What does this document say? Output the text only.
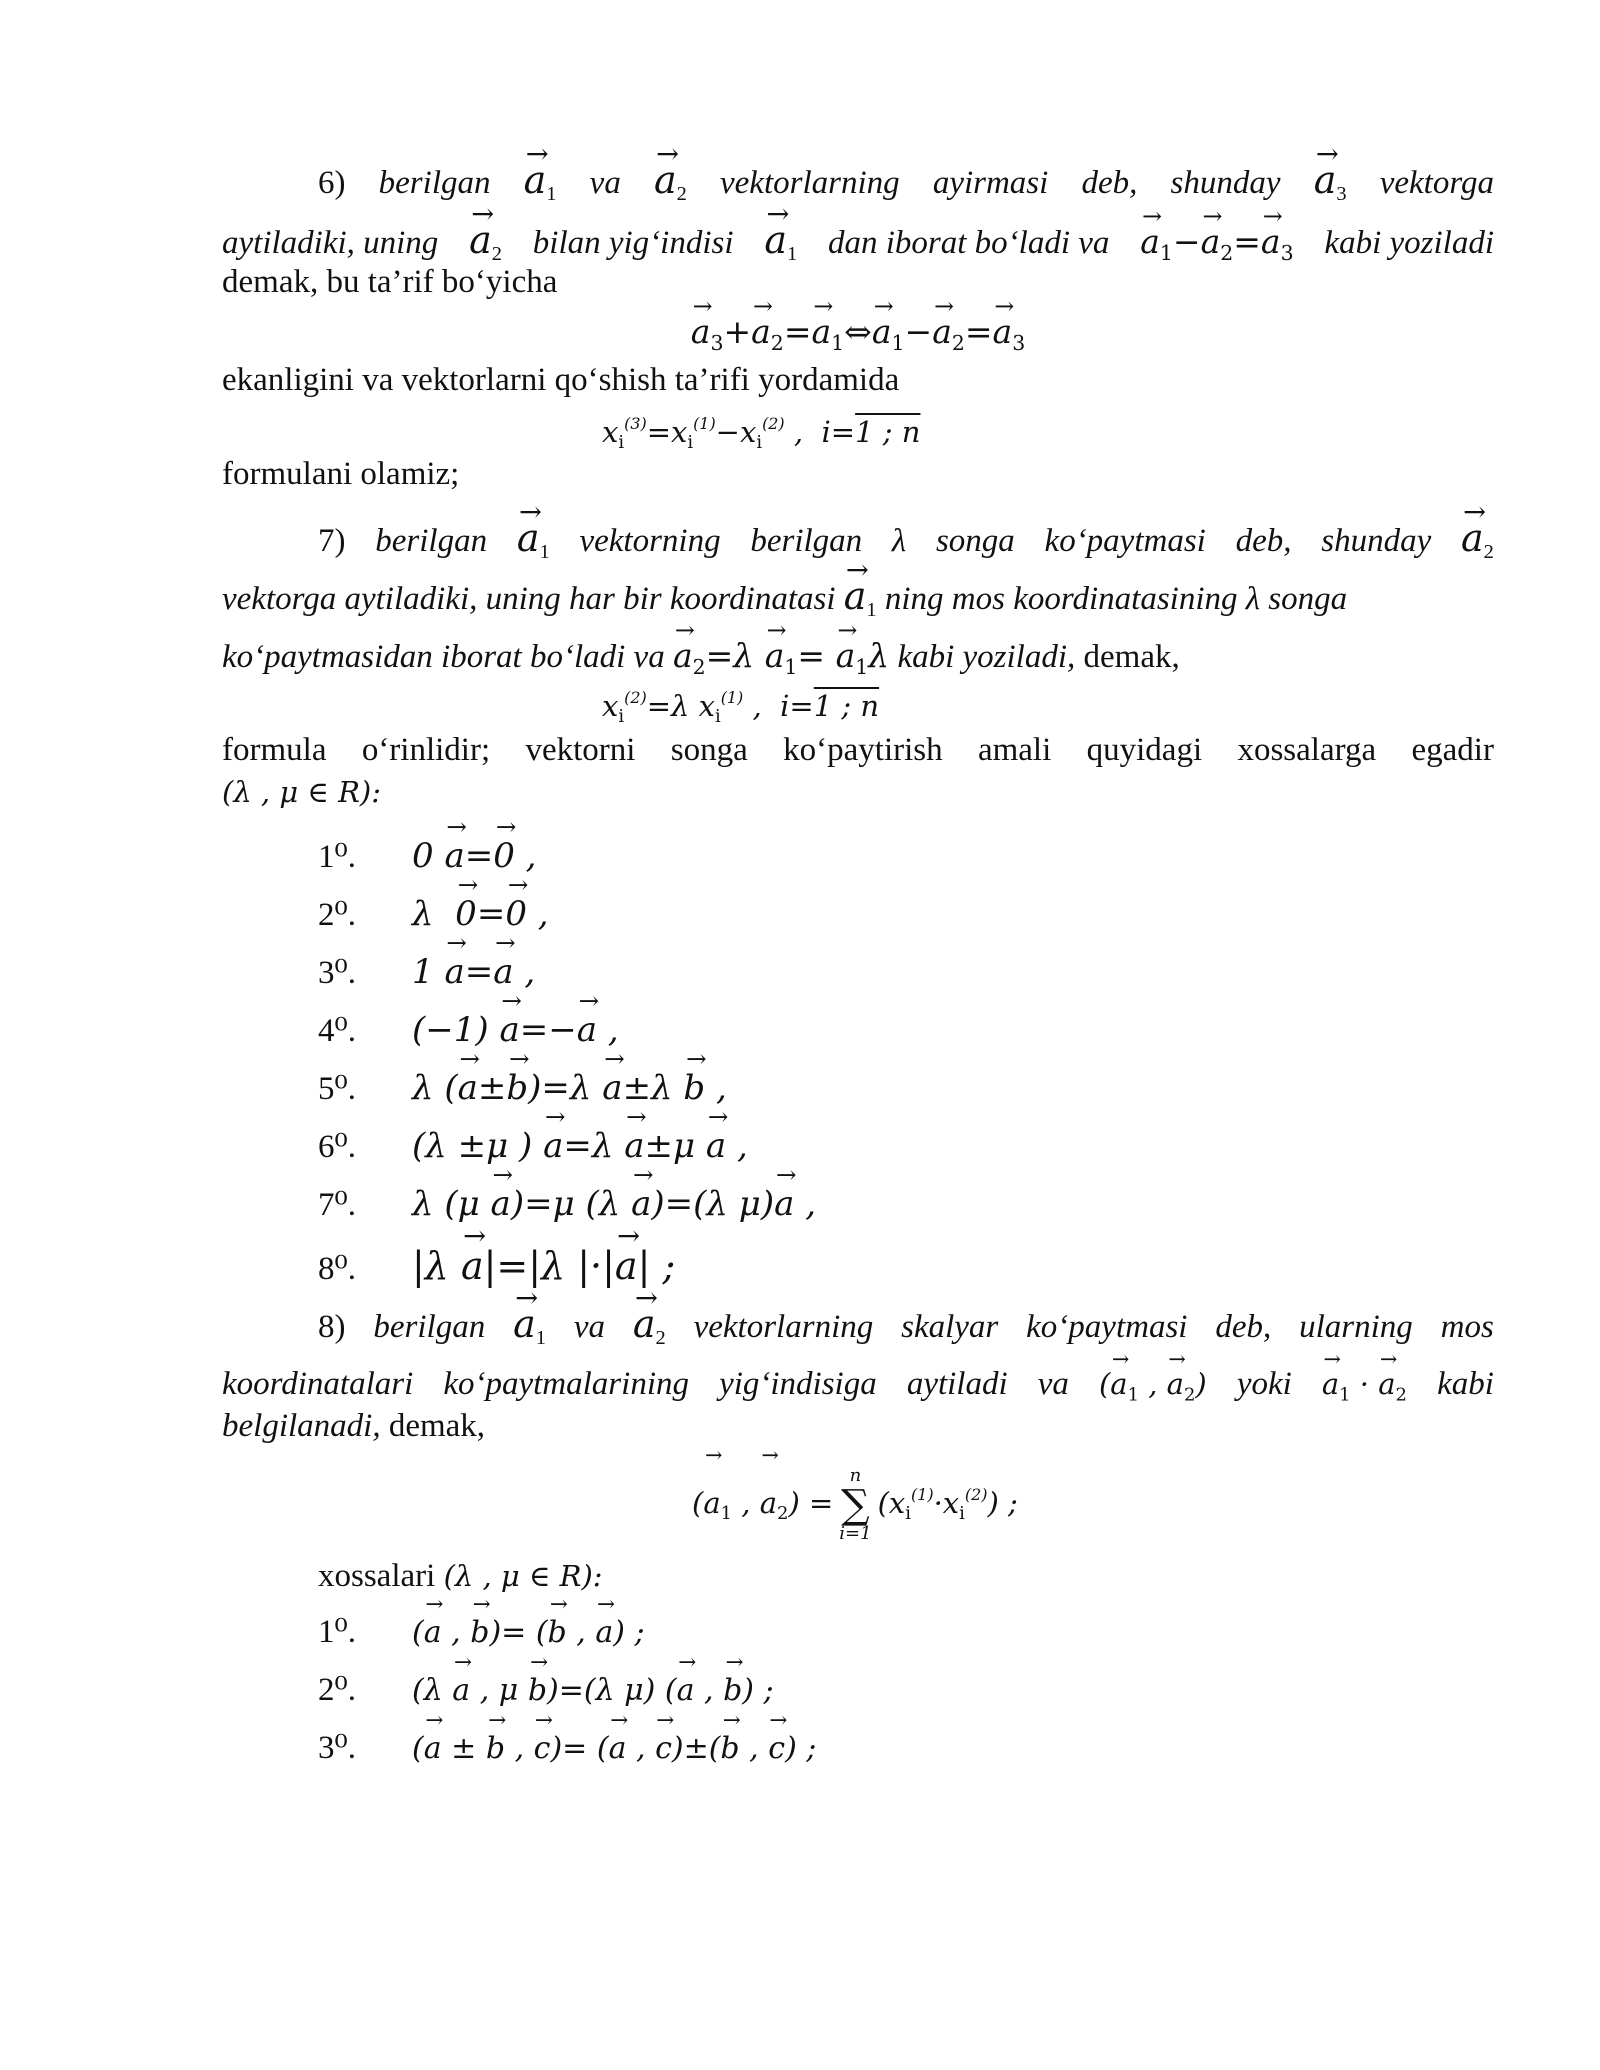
6) berilgan → $a_1$ va → $a_2$ vektorlarning ayirmasi deb, shunday → $a_3$ vektorga
aytiladiki, uning → $a_2$ bilan yig‘indisi → $a_1$ dan iborat bo‘ladi va → $a_1-\to a_2=\to a_3$ kabi yoziladi
demak, bu ta’rif bo‘yicha
→ $a_3+\to a_2=\to$ $a_1\Leftrightarrow\to a_1-\to a_2=\to a_3$
ekanligini va vektorlarni qo‘shish ta’rifi yordamida
$x_i^{(3)}=x_i^{(1)}-x_i^{(2)}$ ,  i=1 ; n
formulani olamiz;
7) berilgan → $a_1$ vektorning berilgan λ songa ko‘paytmasi deb, shunday → $a_2$
vektorga aytiladiki, uning har bir koordinatasi → $a_1$ ning mos koordinatasining λ songa
ko‘paytmasidan iborat bo‘ladi va → $a_2=\lambda \to a_1= \to a_1\lambda$ kabi yoziladi, demak,
$x_i^{(2)}=\lambda$ $x_i^{(1)}$ ,  i=1 ; n
formula o‘rinlidir; vektorni songa ko‘paytirish amali quyidagi xossalarga egadir
(λ , μ ∈ R):
1⁰. 0 → a=→ 0 ,
2⁰. λ  → 0=→ 0 ,
3⁰. 1 → a=→ a ,
4⁰. (−1) → a=−→ a ,
5⁰. λ (→ a±→ b)=λ → a±λ → b ,
6⁰. (λ ±μ ) → a=λ → a±μ → a ,
7⁰. λ (μ → a)=μ (λ → a)=(λ μ)→ a ,
8⁰. |λ → a|=|λ |·|→ a| ;
8) berilgan → $a_1$ va → $a_2$ vektorlarning skalyar ko‘paytmasi deb, ularning mos
koordinatalari ko‘paytmalarining yig‘indisiga aytiladi va (→ $a_1$ , → $a_2$) yoki → $a_1$ · → $a_2$ kabi
belgilanadi, demak,
(→ $a_1$ , → $a_2$) =
n
∑
i=1
$(x_i^{(1)}\cdot x_i^{(2)})$ ;
xossalari (λ , μ ∈ R):
1⁰. (→ a , → b)= (→ b , → a) ;
2⁰. (λ → a , μ → b)=(λ μ) (→ a , → b) ;
3⁰. (→ a ± → b , → c)= (→ a , → c)±(→ b , → c) ;
